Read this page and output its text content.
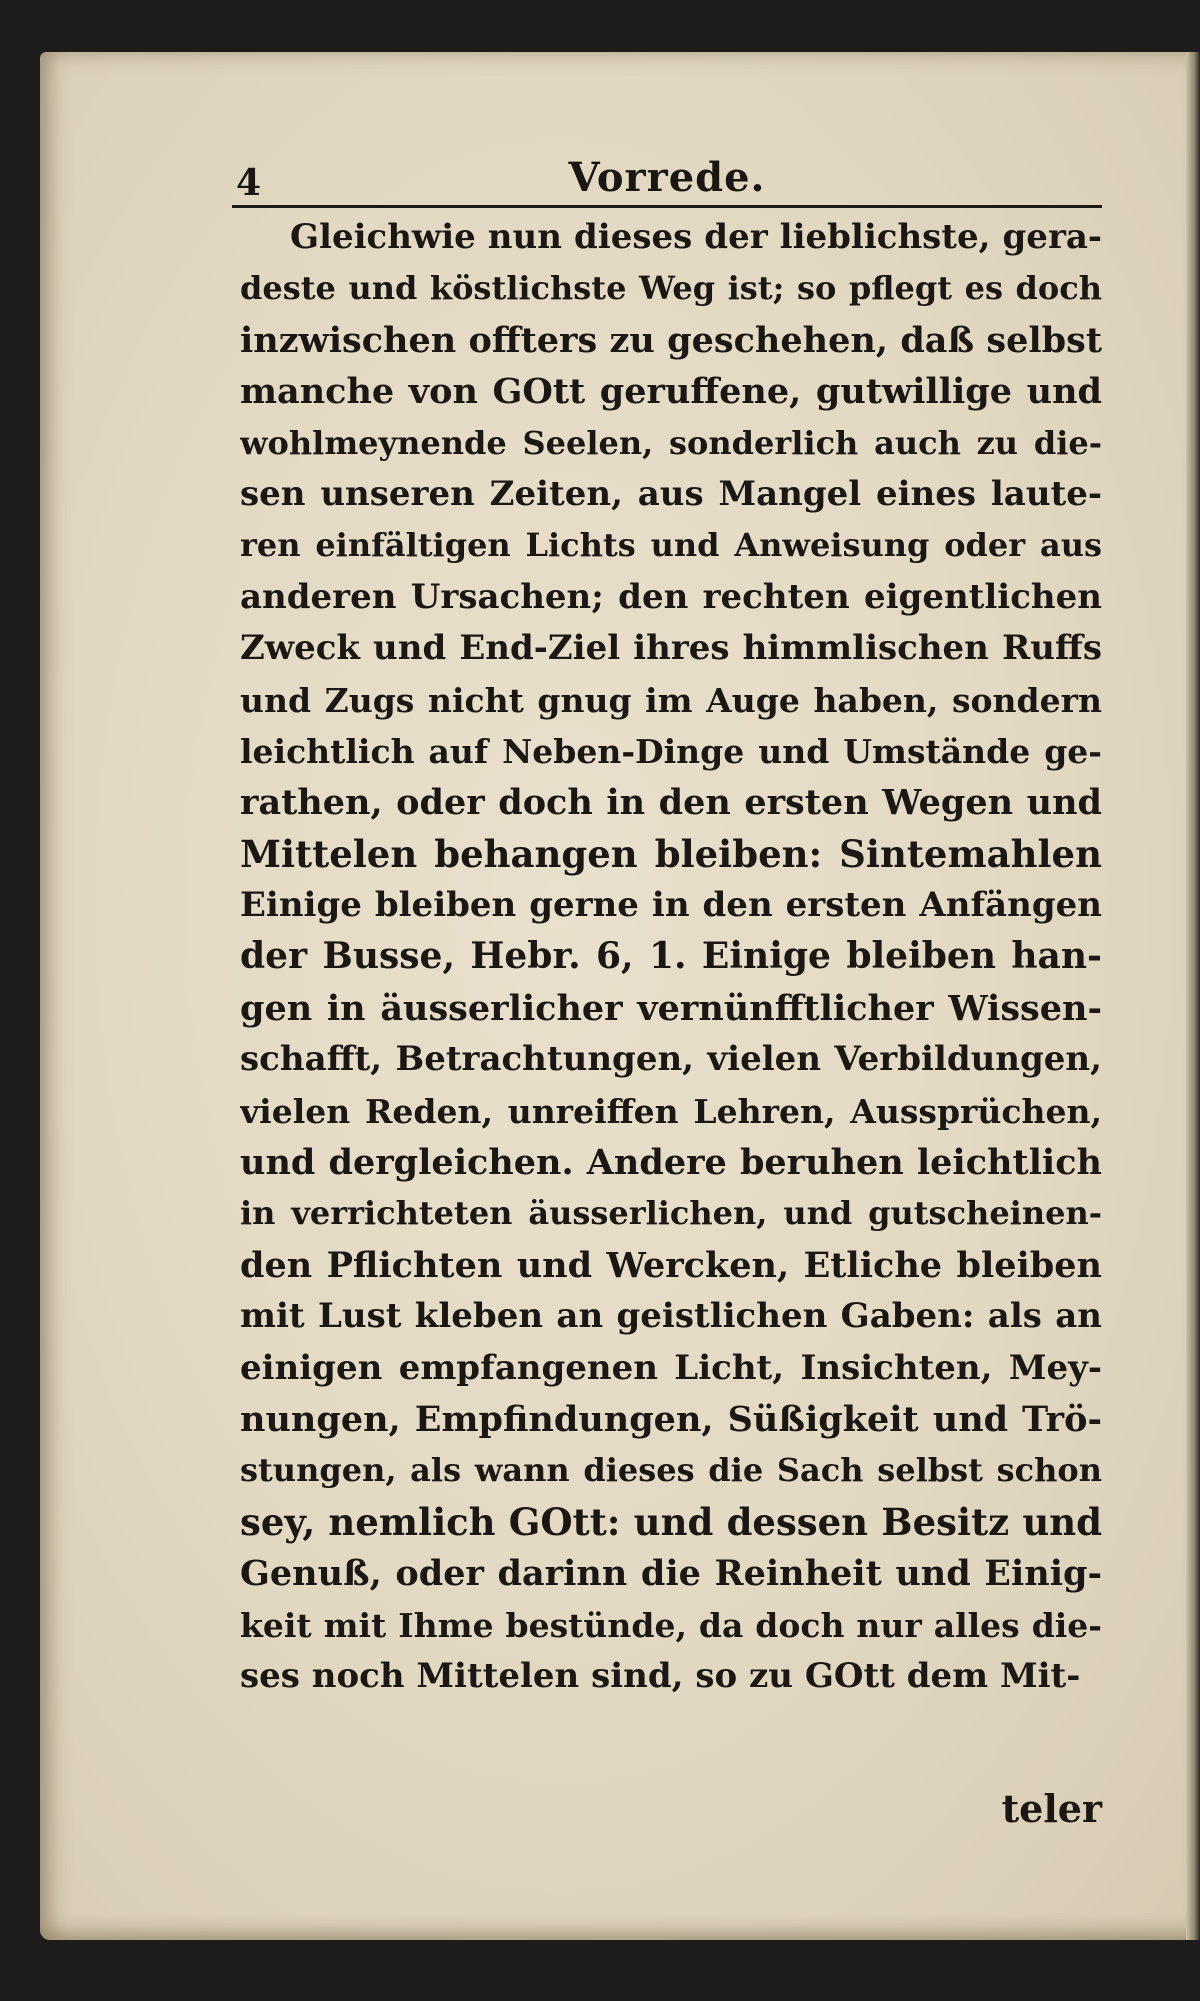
4	Vorrede.
Gleichwie nun dieses der lieblichste, gera-
deste und köstlichste Weg ist; so pflegt es doch
inzwischen offters zu geschehen, daß selbst
manche von GOtt geruffene, gutwillige und
wohlmeynende Seelen, sonderlich auch zu die-
sen unseren Zeiten, aus Mangel eines laute-
ren einfältigen Lichts und Anweisung oder aus
anderen Ursachen; den rechten eigentlichen
Zweck und End-Ziel ihres himmlischen Ruffs
und Zugs nicht gnug im Auge haben, sondern
leichtlich auf Neben-Dinge und Umstände ge-
rathen, oder doch in den ersten Wegen und
Mittelen behangen bleiben: Sintemahlen
Einige bleiben gerne in den ersten Anfängen
der Busse, Hebr. 6, 1. Einige bleiben han-
gen in äusserlicher vernünfftlicher Wissen-
schafft, Betrachtungen, vielen Verbildungen,
vielen Reden, unreiffen Lehren, Aussprüchen,
und dergleichen. Andere beruhen leichtlich
in verrichteten äusserlichen, und gutscheinen-
den Pflichten und Wercken, Etliche bleiben
mit Lust kleben an geistlichen Gaben: als an
einigen empfangenen Licht, Insichten, Mey-
nungen, Empfindungen, Süßigkeit und Trö-
stungen, als wann dieses die Sach selbst schon
sey, nemlich GOtt: und dessen Besitz und
Genuß, oder darinn die Reinheit und Einig-
keit mit Ihme bestünde, da doch nur alles die-
ses noch Mittelen sind, so zu GOtt dem Mit-
teler
